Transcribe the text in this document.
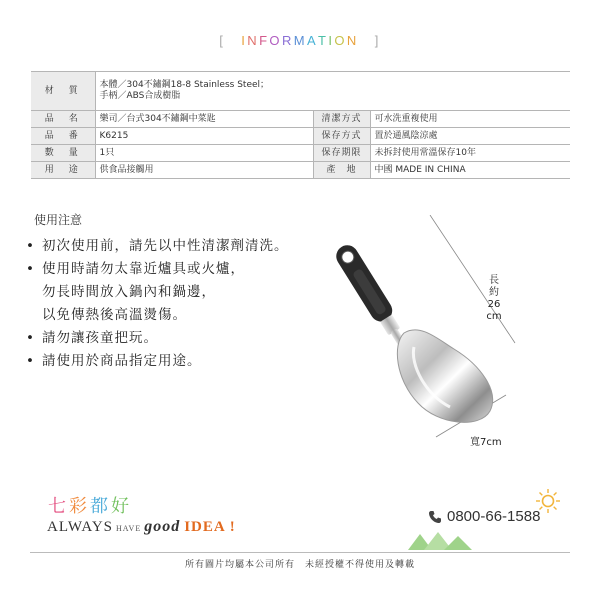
[ INFORMATION ]
材　質	本體／304不鏽鋼18-8 Stainless Steel；
手柄／ABS合成樹脂		

品　名	樂司／台式304不鏽鋼中菜匙	清潔方式	可水洗重複使用
品　番	K6215	保存方式	置於通風陰涼處
數　量	1只	保存期限	未拆封使用常溫保存10年
用　途	供食品接觸用	產　地	中國 MADE IN CHINA
使用注意
• 初次使用前，請先以中性清潔劑清洗。
• 使用時請勿太靠近爐具或火爐，
勿長時間放入鍋內和鍋邊，
以免傳熱後高溫燙傷。
• 請勿讓孩童把玩。
• 請使用於商品指定用途。
長
約
26
cm
寬7cm
七彩都好
ALWAYS HAVE good IDEA !
0800-66-1588
所有圖片均屬本公司所有　未經授權不得使用及轉載
